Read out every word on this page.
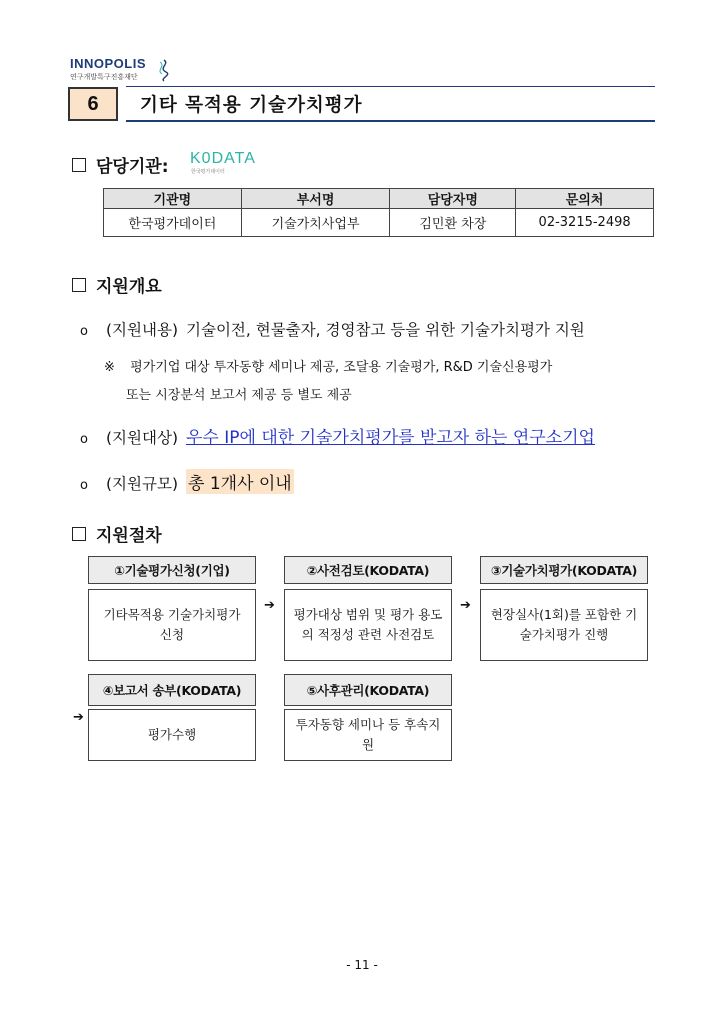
INNOPOLIS
연구개발특구진흥재단
6	기타 목적용 기술가치평가
담당기관: K0DATA
한국평가데이터
기관명	부서명	담당자명	문의처
한국평가데이터	기술가치사업부	김민환 차장	02-3215-2498
지원개요
o	(지원내용) 기술이전, 현물출자, 경영참고 등을 위한 기술가치평가 지원
※ 평가기업 대상 투자동향 세미나 제공, 조달용 기술평가, R&D 기술신용평가
또는 시장분석 보고서 제공 등 별도 제공
o	(지원대상) 우수 IP에 대한 기술가치평가를 받고자 하는 연구소기업
o	(지원규모) 총 1개사 이내
지원절차
①기술평가신청(기업)
기타목적용 기술가치평가 신청
➔
②사전검토(KODATA)
평가대상 범위 및 평가 용도의 적정성 관련 사전검토
➔
③기술가치평가(KODATA)
현장실사(1회)를 포함한 기술가치평가 진행
➔
④보고서 송부(KODATA)
평가수행
⑤사후관리(KODATA)
투자동향 세미나 등 후속지원
- 11 -
